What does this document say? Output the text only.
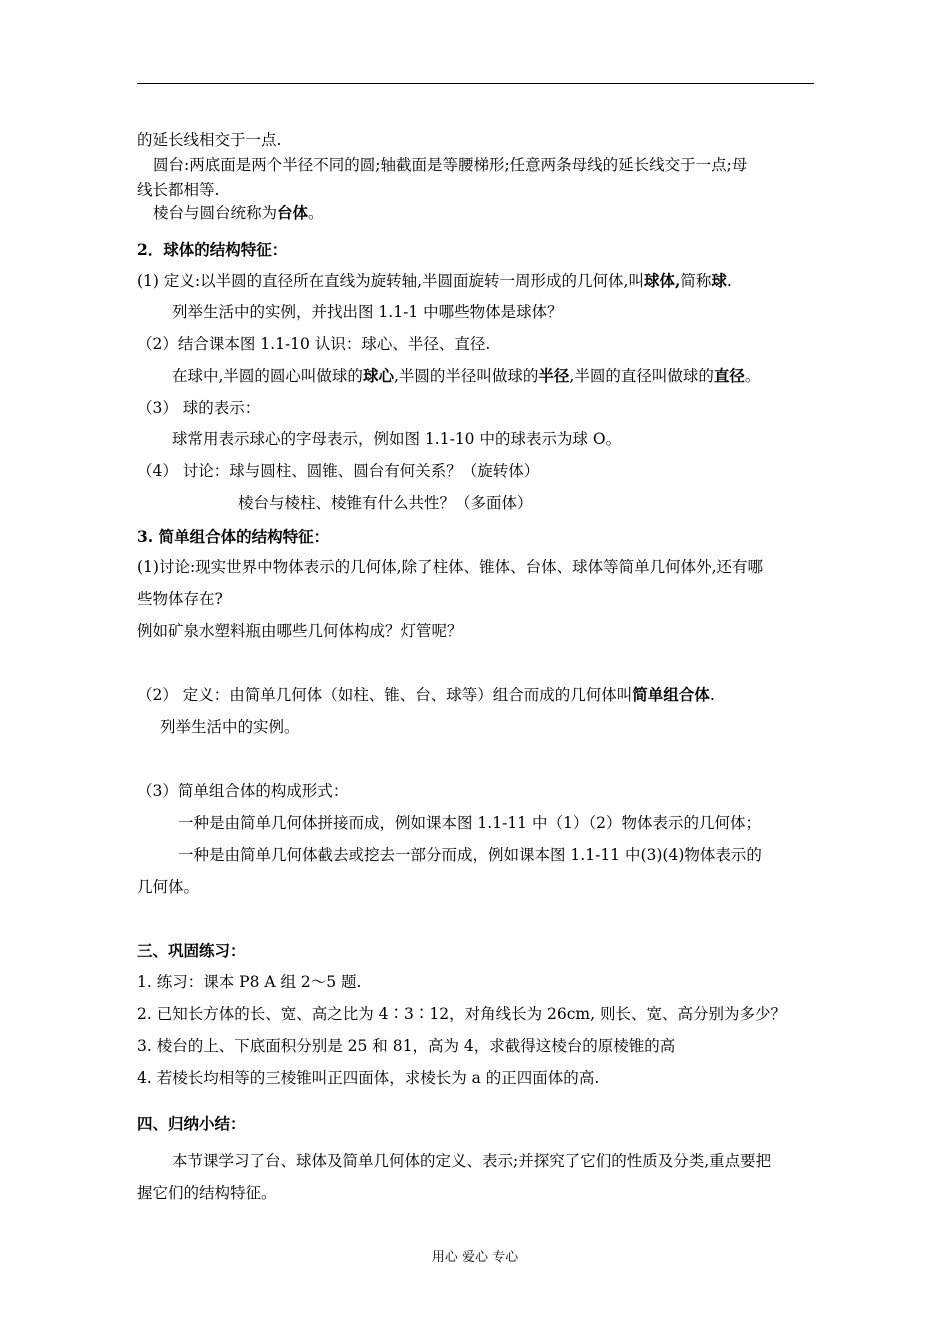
的延长线相交于一点.
圆台:两底面是两个半径不同的圆;轴截面是等腰梯形;任意两条母线的延长线交于一点;母
线长都相等.
棱台与圆台统称为台体。
2．球体的结构特征：
(1) 定义:以半圆的直径所在直线为旋转轴,半圆面旋转一周形成的几何体,叫球体,简称球.
列举生活中的实例，并找出图 1.1-1 中哪些物体是球体？
（2）结合课本图 1.1-10 认识：球心、半径、直径.
在球中,半圆的圆心叫做球的球心,半圆的半径叫做球的半径,半圆的直径叫做球的直径。
（3） 球的表示：
球常用表示球心的字母表示，例如图 1.1-10 中的球表示为球 O。
（4） 讨论：球与圆柱、圆锥、圆台有何关系？（旋转体）
棱台与棱柱、棱锥有什么共性？（多面体）
3. 简单组合体的结构特征：
(1)讨论:现实世界中物体表示的几何体,除了柱体、锥体、台体、球体等简单几何体外,还有哪
些物体存在?
例如矿泉水塑料瓶由哪些几何体构成？灯管呢？
（2） 定义：由简单几何体（如柱、锥、台、球等）组合而成的几何体叫简单组合体.
列举生活中的实例。
（3）简单组合体的构成形式：
一种是由简单几何体拼接而成，例如课本图 1.1-11 中（1）（2）物体表示的几何体；
一种是由简单几何体截去或挖去一部分而成，例如课本图 1.1-11 中(3)(4)物体表示的
几何体。
三、巩固练习：
1. 练习：课本 P8 A 组 2～5 题.
2. 已知长方体的长、宽、高之比为 4∶3∶12，对角线长为 26cm, 则长、宽、高分别为多少？
3. 棱台的上、下底面积分别是 25 和 81，高为 4，求截得这棱台的原棱锥的高
4. 若棱长均相等的三棱锥叫正四面体，求棱长为 a 的正四面体的高.
四、归纳小结：
本节课学习了台、球体及简单几何体的定义、表示;并探究了它们的性质及分类,重点要把
握它们的结构特征。
用心 爱心 专心
